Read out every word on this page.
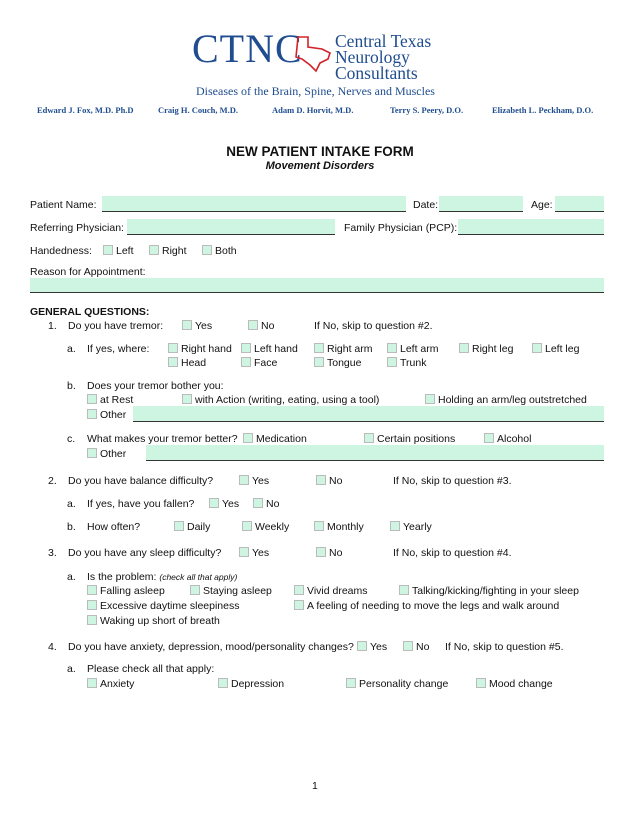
CTNC Central Texas
Neurology
Consultants
Diseases of the Brain, Spine, Nerves and Muscles
Edward J. Fox, M.D. Ph.D	Craig H. Couch, M.D.	Adam D. Horvit, M.D.	Terry S. Peery, D.O.	Elizabeth L. Peckham, D.O.
NEW PATIENT INTAKE FORM
Movement Disorders
Patient Name:	Date:	Age:
Referring Physician:	Family Physician (PCP):
Handedness:	Left	Right	Both
Reason for Appointment:
GENERAL QUESTIONS:
1. Do you have tremor:	Yes	No	If No, skip to question #2.
a. If yes, where:	Right hand	Left hand	Right arm	Left arm	Right leg	Left leg
Head	Face	Tongue	Trunk
b. Does your tremor bother you:
at Rest	with Action (writing, eating, using a tool)	Holding an arm/leg outstretched
Other
c. What makes your tremor better?	Medication	Certain positions	Alcohol
Other
2. Do you have balance difficulty?	Yes	No	If No, skip to question #3.
a. If yes, have you fallen?	Yes	No
b. How often?	Daily	Weekly	Monthly	Yearly
3. Do you have any sleep difficulty?	Yes	No	If No, skip to question #4.
a. Is the problem: (check all that apply)
Falling asleep	Staying asleep	Vivid dreams	Talking/kicking/fighting in your sleep
Excessive daytime sleepiness	A feeling of needing to move the legs and walk around
Waking up short of breath
4. Do you have anxiety, depression, mood/personality changes?	Yes	No If No, skip to question #5.
a. Please check all that apply:
Anxiety	Depression	Personality change	Mood change
1
